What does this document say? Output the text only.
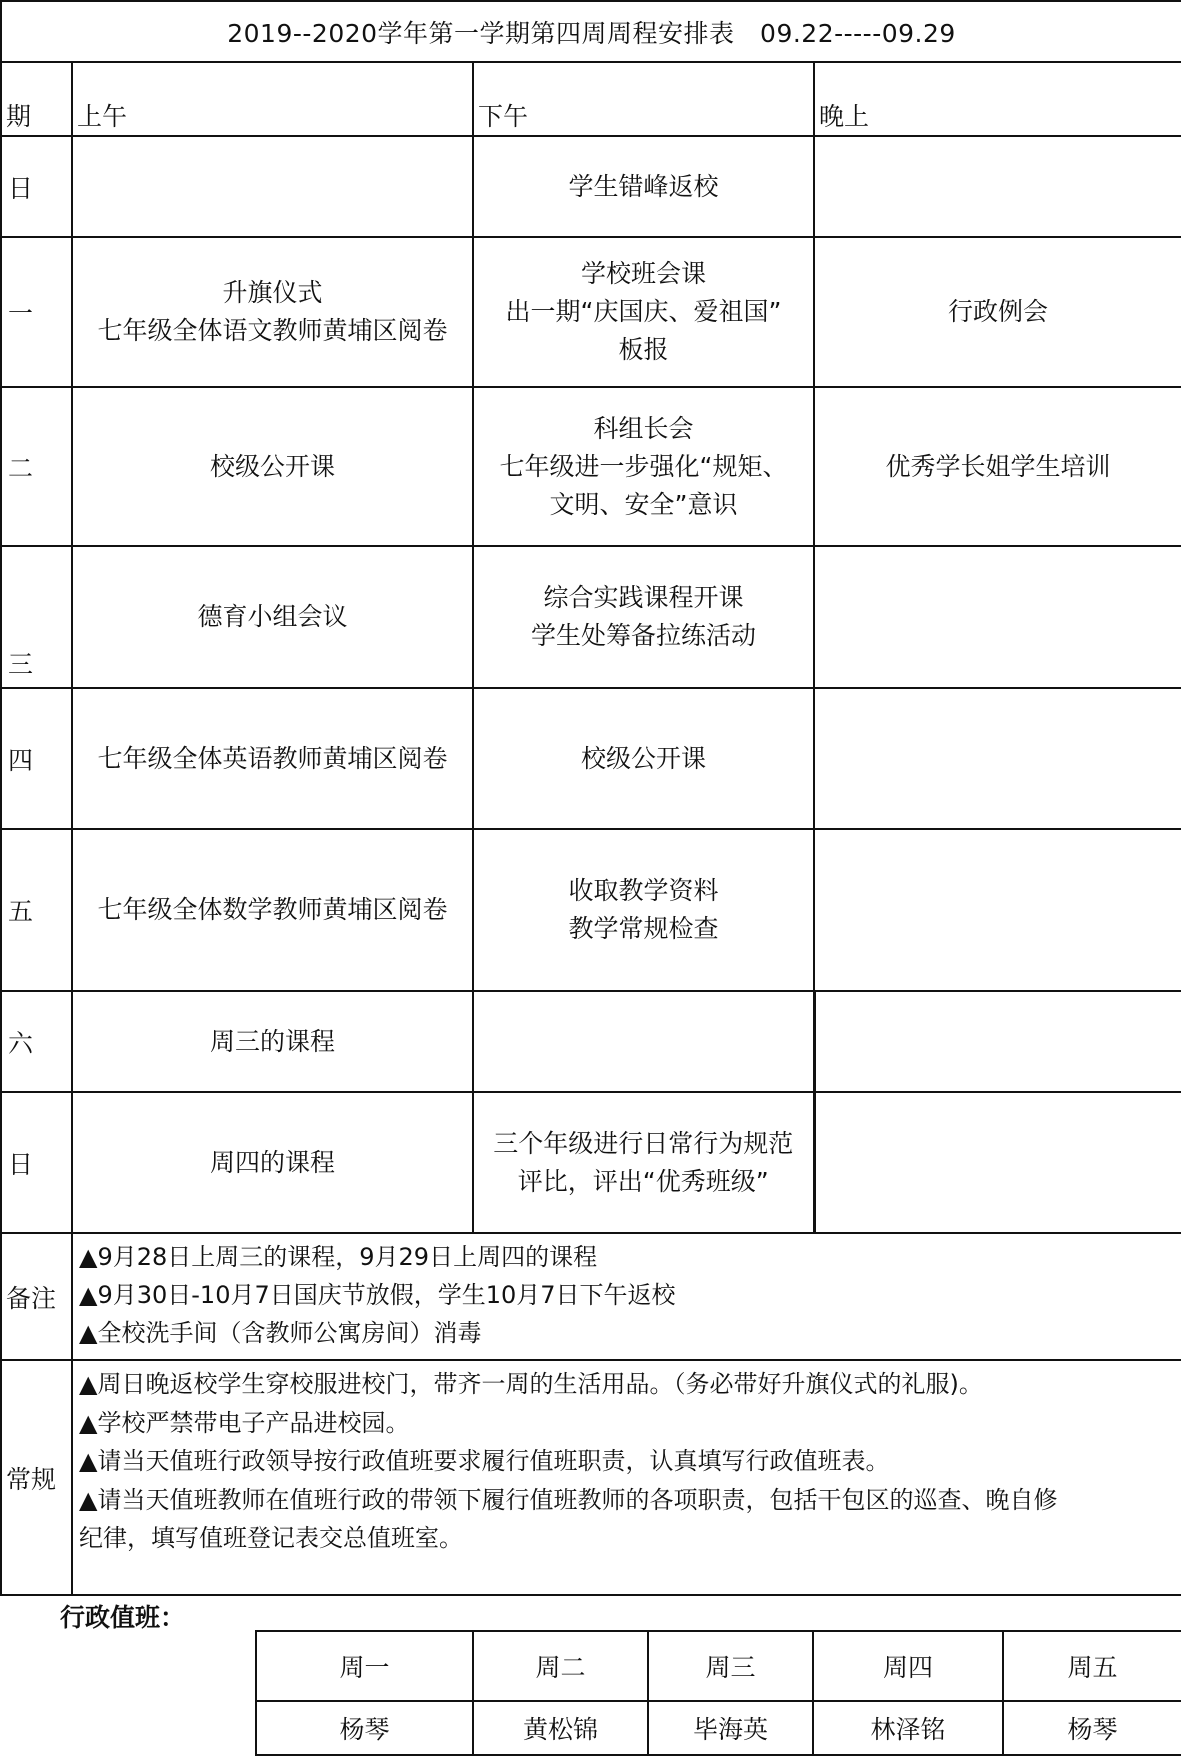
2019--2020学年第一学期第四周周程安排表　09.22-----09.29			
期	上午	下午	晚上
日		学生错峰返校	

一	升旗仪式
七年级全体语文教师黄埔区阅卷	学校班会课
出一期“庆国庆、爱祖国”
板报	行政例会

二	校级公开课	科组长会
七年级进一步强化“规矩、
文明、安全”意识	优秀学长姐学生培训

三	德育小组会议	综合实践课程开课
学生处筹备拉练活动	

四	七年级全体英语教师黄埔区阅卷	校级公开课	

五	七年级全体数学教师黄埔区阅卷	收取教学资料
教学常规检查	

六	周三的课程		

日	周四的课程	三个年级进行日常行为规范
评比，评出“优秀班级”	

备注	▲9月28日上周三的课程，9月29日上周四的课程
▲9月30日-10月7日国庆节放假，学生10月7日下午返校
▲全校洗手间（含教师公寓房间）消毒		

常规	▲周日晚返校学生穿校服进校门，带齐一周的生活用品。（务必带好升旗仪式的礼服)。
▲学校严禁带电子产品进校园。
▲请当天值班行政领导按行政值班要求履行值班职责，认真填写行政值班表。
▲请当天值班教师在值班行政的带领下履行值班教师的各项职责，包括干包区的巡查、晚自修
纪律，填写值班登记表交总值班室。		
行政值班：
周一	周二	周三	周四	周五
杨琴	黄松锦	毕海英	林泽铭	杨琴
